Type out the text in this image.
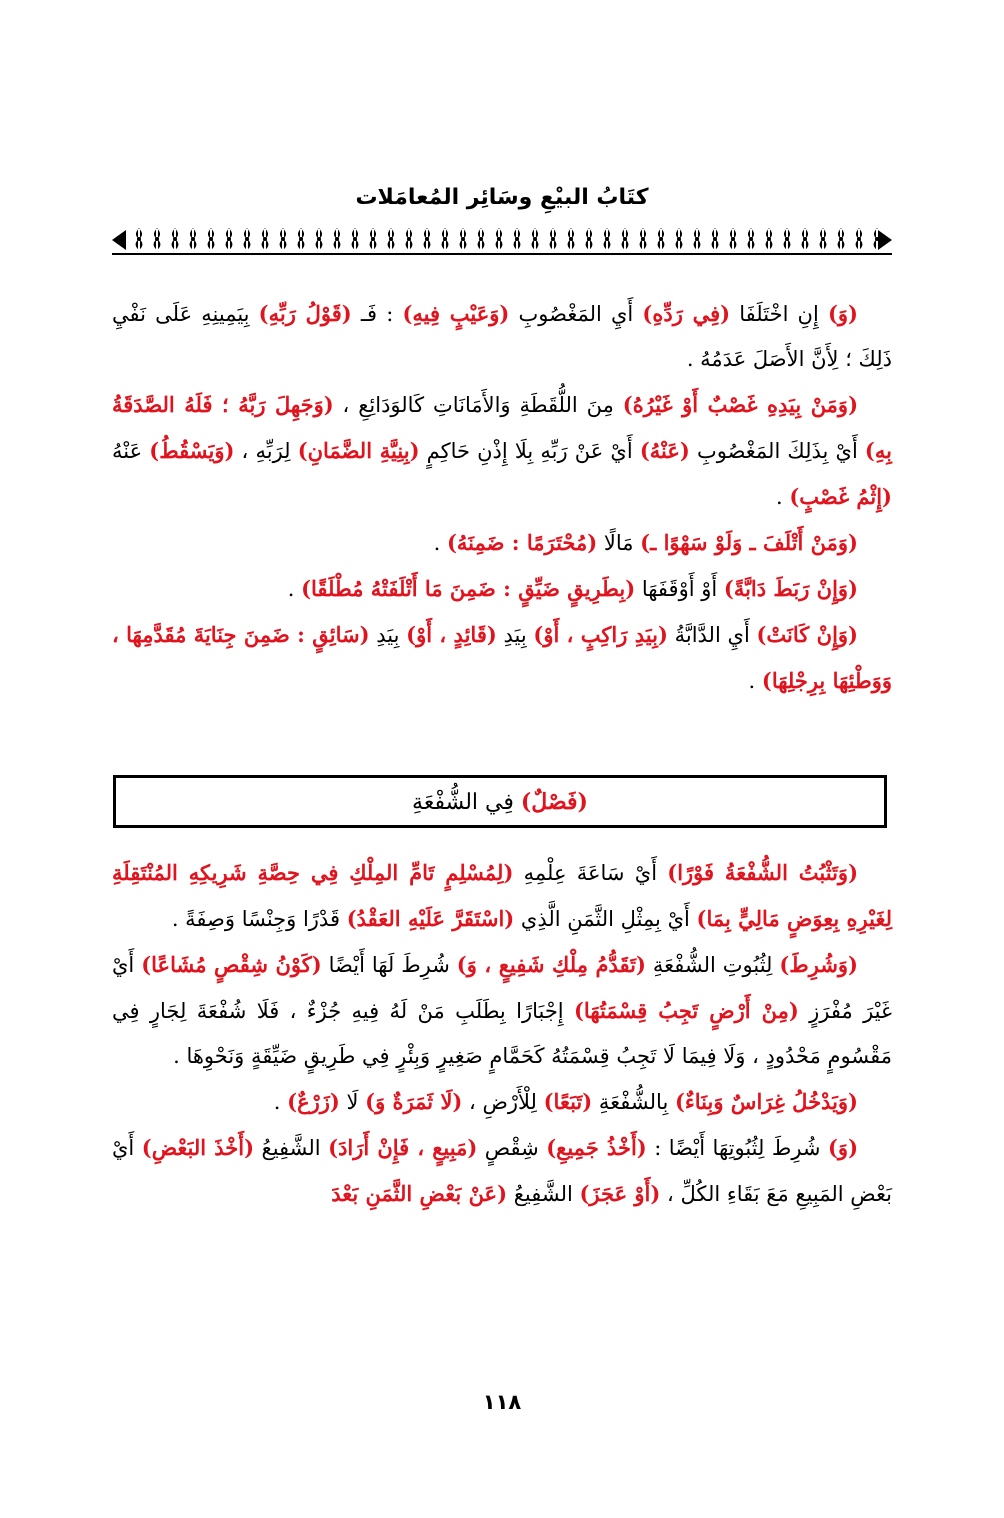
كتَابُ البيْعِ وسَائِر المُعامَلات

(وَ) إِنِ اخْتَلَفَا (فِي رَدِّهِ) أَيِ المَغْصُوبِ (وَعَيْبٍ فِيهِ) : فَـ (قَوْلُ رَبِّهِ) بِيَمِينِهِ عَلَى نَفْيِ ذَلِكَ ؛ لِأَنَّ الأَصَلَ عَدَمُهُ .

(وَمَنْ بِيَدِهِ غَصْبٌ أَوْ غَيْرُهُ) مِنَ اللُّقَطَةِ وَالأَمَانَاتِ كَالوَدَائِعِ ، (وَجَهِلَ رَبَّهُ ؛ فَلَهُ الصَّدَقَةُ بِهِ) أَيْ بِذَلِكَ المَغْصُوبِ (عَنْهُ) أَيْ عَنْ رَبِّهِ بِلَا إِذْنِ حَاكِمٍ (بِنِيَّةِ الضَّمَانِ) لِرَبِّهِ ، (وَيَسْقُطُ) عَنْهُ (إِثْمُ غَصْبٍ) .

(وَمَنْ أَتْلَفَ ـ وَلَوْ سَهْوًا ـ) مَالًا (مُحْتَرَمًا : ضَمِنَهُ) .

(وَإِنْ رَبَطَ دَابَّةً) أَوْ أَوْقَفَهَا (بِطَرِيقٍ ضَيِّقٍ : ضَمِنَ مَا أَتْلَفَتْهُ مُطْلَقًا) .

(وَإِنْ كَانَتْ) أَيِ الدَّابَّةُ (بِيَدِ رَاكِبٍ ، أَوْ) بِيَدِ (قَائِدٍ ، أَوْ) بِيَدِ (سَائِقٍ : ضَمِنَ جِنَايَةَ مُقَدَّمِهَا ، وَوَطْئِهَا بِرِجْلِهَا) .

(فَصْلٌ) فِي الشُّفْعَةِ

(وَتَثْبُتُ الشُّفْعَةُ فَوْرًا) أَيْ سَاعَةَ عِلْمِهِ (لِمُسْلِمٍ تَامِّ المِلْكِ فِي حِصَّةِ شَرِيكِهِ المُنْتَقِلَةِ لِغَيْرِهِ بِعِوَضٍ مَالِيٍّ بِمَا) أَيْ بِمِثْلِ الثَّمَنِ الَّذِي (اسْتَقَرَّ عَلَيْهِ العَقْدُ) قَدْرًا وَجِنْسًا وَصِفَةً .

(وَشُرِطَ) لِثُبُوتِ الشُّفْعَةِ (تَقَدُّمُ مِلْكِ شَفِيعٍ ، وَ) شُرِطَ لَهَا أَيْضًا (كَوْنُ شِقْصٍ مُشَاعًا) أَيْ غَيْرَ مُفْرَزٍ (مِنْ أَرْضٍ تَجِبُ قِسْمَتُهَا) إِجْبَارًا بِطَلَبِ مَنْ لَهُ فِيهِ جُزْءٌ ، فَلَا شُفْعَةَ لِجَارٍ فِي مَقْسُومٍ مَحْدُودٍ ، وَلَا فِيمَا لَا تَجِبُ قِسْمَتُهُ كَحَمَّامٍ صَغِيرٍ وَبِئْرٍ فِي طَرِيقٍ ضَيِّقَةٍ وَنَحْوِهَا .

(وَيَدْخُلُ غِرَاسٌ وَبِنَاءٌ) بِالشُّفْعَةِ (تَبَعًا) لِلْأَرْضِ ، (لَا ثَمَرَةٌ وَ) لَا (زَرْعٌ) .

(وَ) شُرِطَ لِثُبُوتِهَا أَيْضًا : (أَخْذُ جَمِيعِ) شِقْصٍ (مَبِيعٍ ، فَإِنْ أَرَادَ) الشَّفِيعُ (أَخْذَ البَعْضِ) أَيْ بَعْضِ المَبِيعِ مَعَ بَقَاءِ الكُلِّ ، (أَوْ عَجَزَ) الشَّفِيعُ (عَنْ بَعْضِ الثَّمَنِ بَعْدَ

١١٨
